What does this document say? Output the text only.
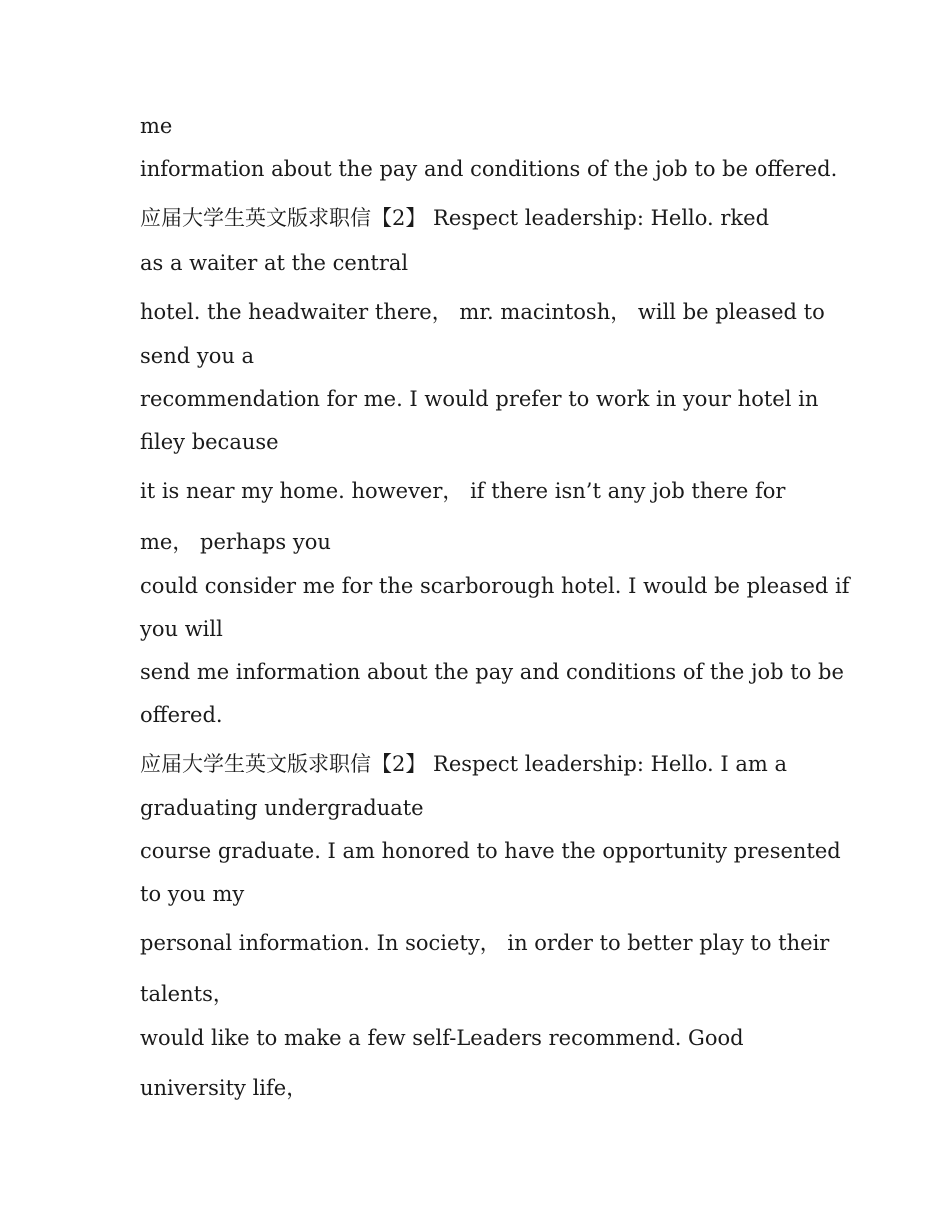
me

information about the pay and conditions of the job to be offered.

应届大学生英文版求职信【2】 Respect leadership: Hello. rked

as a waiter at the central

hotel. the headwaiter there， mr. macintosh， will be pleased to

send you a

recommendation for me. I would prefer to work in your hotel in

filey because

it is near my home. however， if there isn’t any job there for

me， perhaps you

could consider me for the scarborough hotel. I would be pleased if

you will

send me information about the pay and conditions of the job to be

offered.

应届大学生英文版求职信【2】 Respect leadership: Hello. I am a

graduating undergraduate

course graduate. I am honored to have the opportunity presented

to you my

personal information. In society， in order to better play to their

talents，

would like to make a few self-Leaders recommend. Good

university life，
